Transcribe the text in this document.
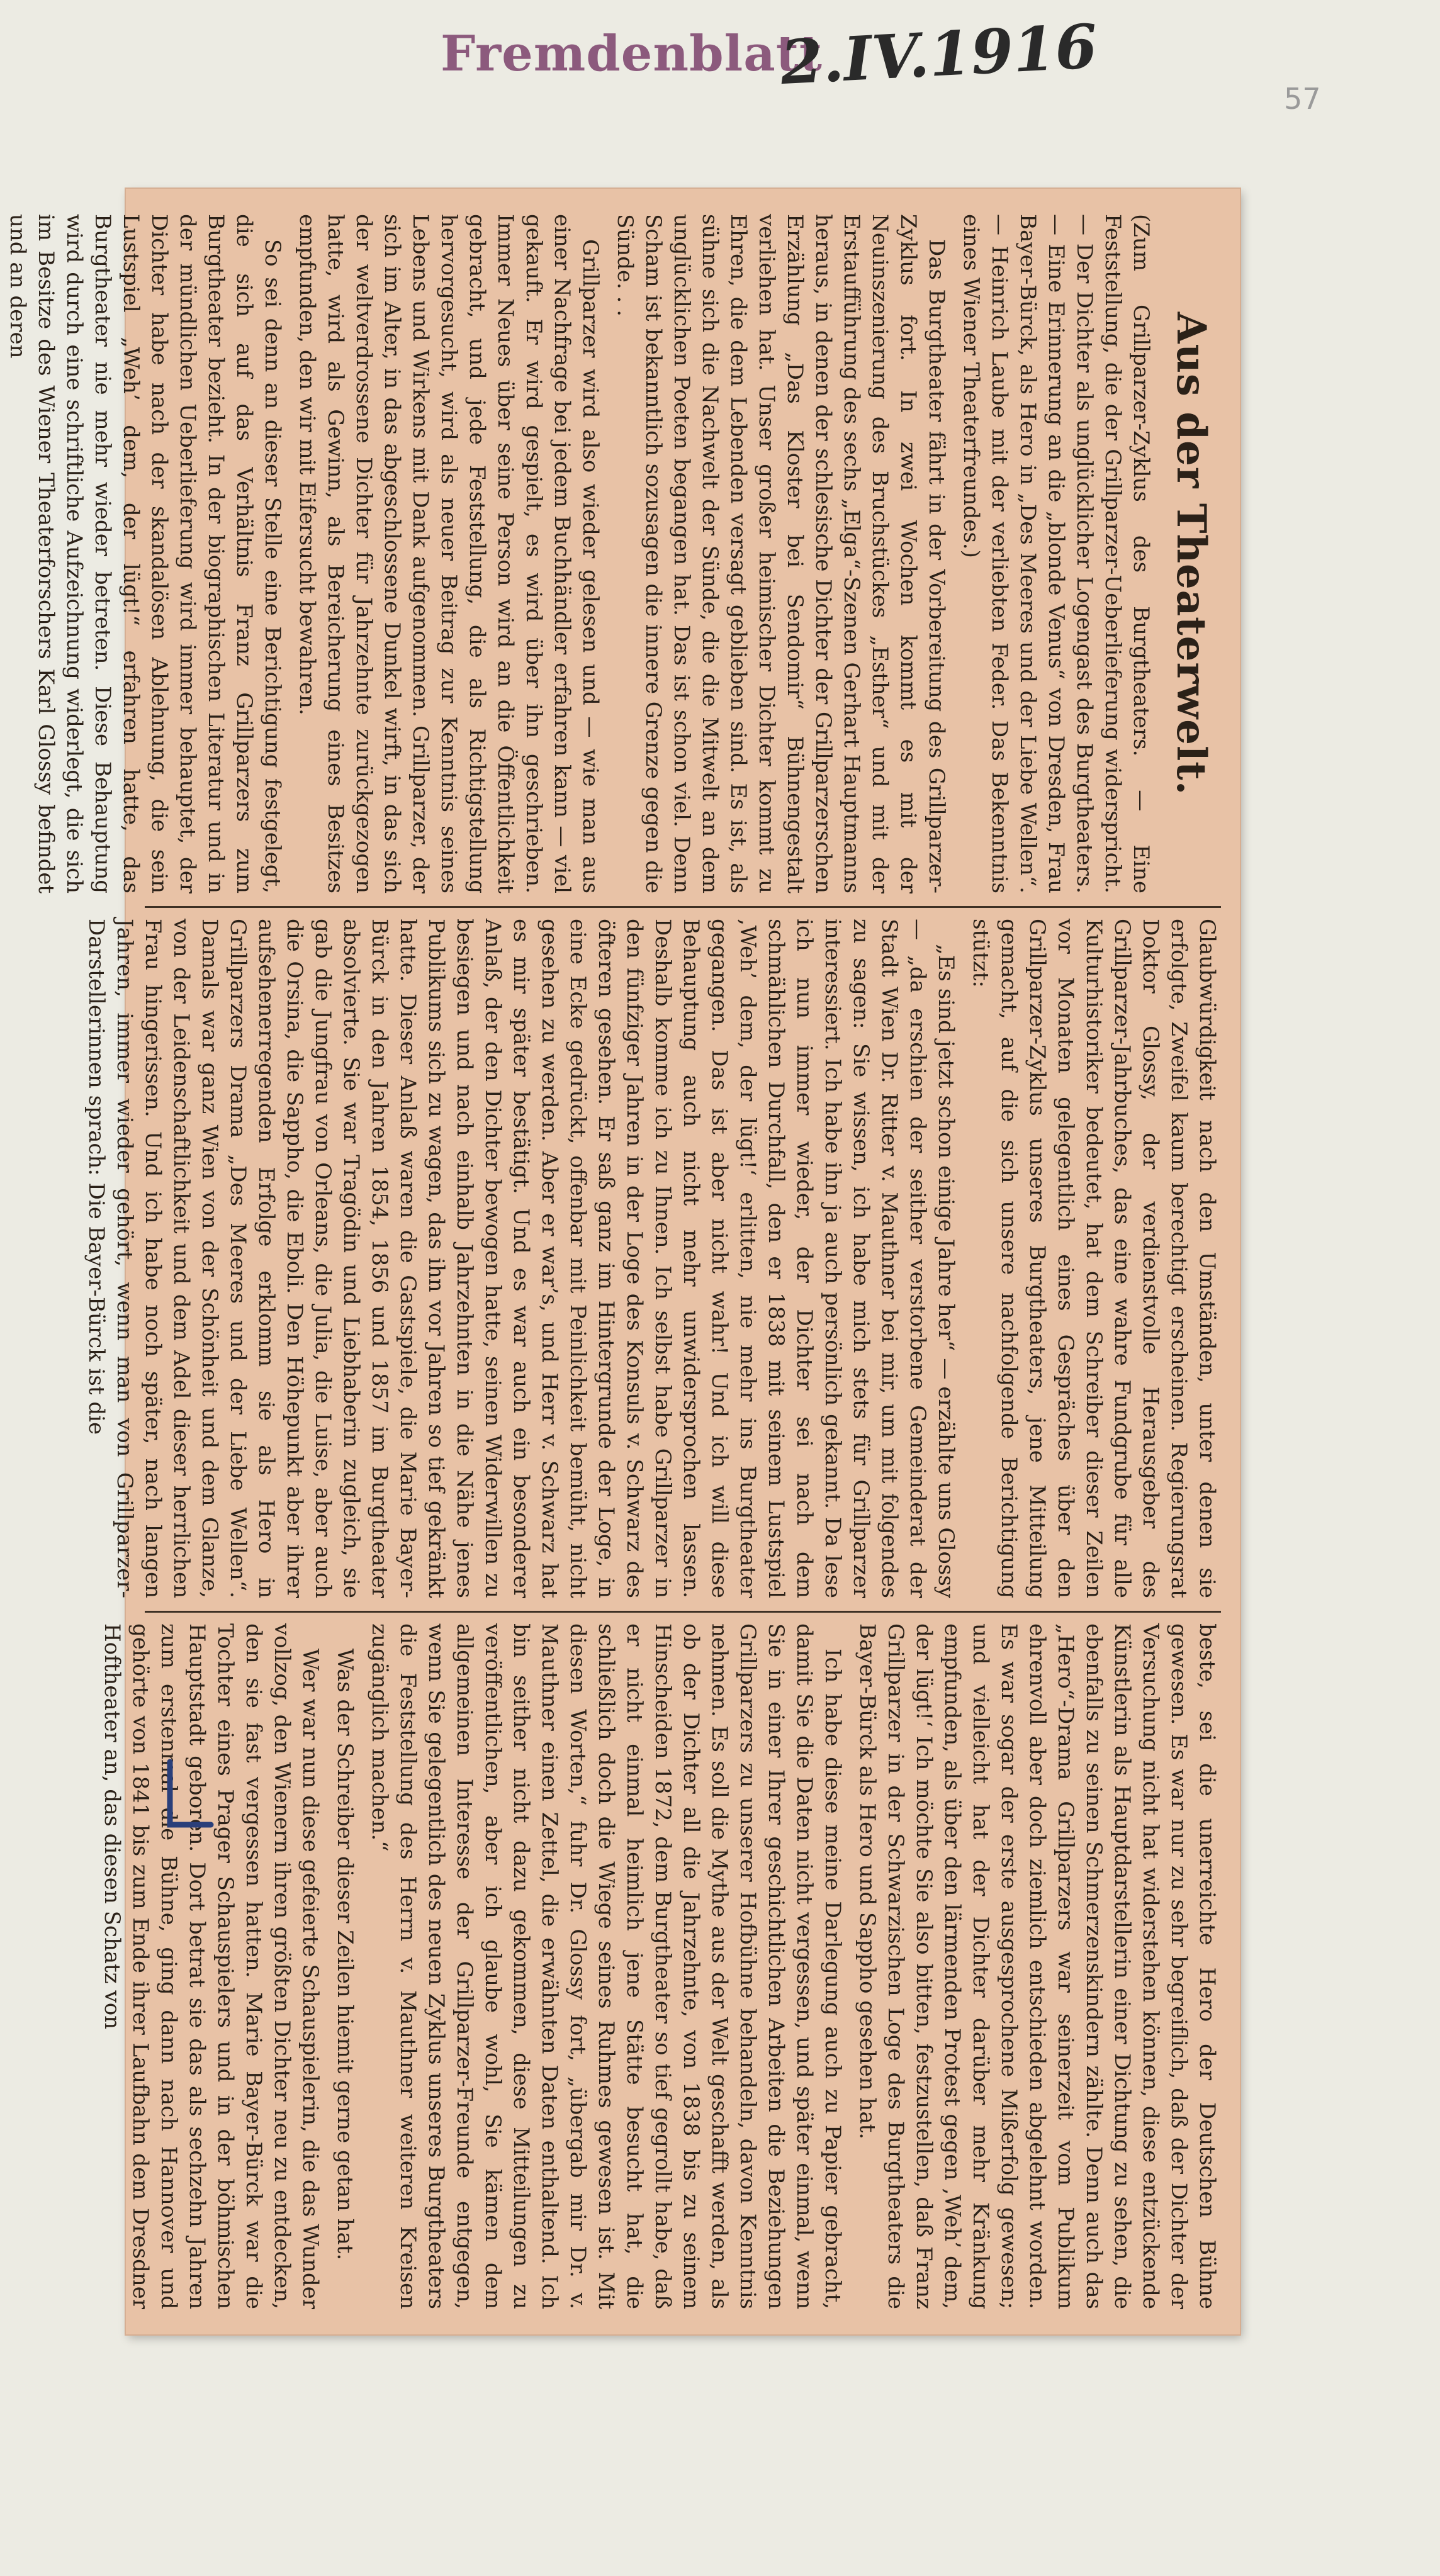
Fremdenblatt
2.IV.1916
57
Aus der Theaterwelt.

(Zum Grillparzer-Zyklus des Burgtheaters. — Eine Feststellung, die der Grillparzer-Ueberlieferung widerspricht. — Der Dichter als unglücklicher Logengast des Burgtheaters. — Eine Erinnerung an die „blonde Venus“ von Dresden, Frau Bayer-Bürck, als Hero in „Des Meeres und der Liebe Wellen“. — Heinrich Laube mit der verliebten Feder. Das Bekenntnis eines Wiener Theaterfreundes.)

Das Burgtheater fährt in der Vorbereitung des Grillparzer-Zyklus fort. In zwei Wochen kommt es mit der Neuinszenierung des Bruchstückes „Esther“ und mit der Erstaufführung des sechs „Elga“-Szenen Gerhart Hauptmanns heraus, in denen der schlesische Dichter der Grillparzerschen Erzählung „Das Kloster bei Sendomir“ Bühnengestalt verliehen hat. Unser großer heimischer Dichter kommt zu Ehren, die dem Lebenden versagt geblieben sind. Es ist, als sühne sich die Nachwelt der Sünde, die die Mitwelt an dem unglücklichen Poeten begangen hat. Das ist schon viel. Denn Scham ist bekanntlich sozusagen die innere Grenze gegen die Sünde. . .

Grillparzer wird also wieder gelesen und — wie man aus einer Nachfrage bei jedem Buchhändler erfahren kann — viel gekauft. Er wird gespielt, es wird über ihn geschrieben. Immer Neues über seine Person wird an die Öffentlichkeit gebracht, und jede Feststellung, die als Richtigstellung hervorgesucht, wird als neuer Beitrag zur Kenntnis seines Lebens und Wirkens mit Dank aufgenommen. Grillparzer, der sich im Alter, in das abgeschlossene Dunkel wirft, in das sich der weltverdrossene Dichter für Jahrzehnte zurückgezogen hatte, wird als Gewinn, als Bereicherung eines Besitzes empfunden, den wir mit Eifersucht bewahren.

So sei denn an dieser Stelle eine Berichtigung festgelegt, die sich auf das Verhältnis Franz Grillparzers zum Burgtheater bezieht. In der biographischen Literatur und in der mündlichen Ueberlieferung wird immer behauptet, der Dichter habe nach der skandalösen Ablehnung, die sein Lustspiel „Weh’ dem, der lügt!“ erfahren hatte, das Burgtheater nie mehr wieder betreten. Diese Behauptung wird durch eine schriftliche Aufzeichnung widerlegt, die sich im Besitze des Wiener Theaterforschers Karl Glossy befindet und an deren

Glaubwürdigkeit nach den Umständen, unter denen sie erfolgte, Zweifel kaum berechtigt erscheinen. Regierungsrat Doktor Glossy, der verdienstvolle Herausgeber des Grillparzer-Jahrbuches, das eine wahre Fundgrube für alle Kulturhistoriker bedeutet, hat dem Schreiber dieser Zeilen vor Monaten gelegentlich eines Gespräches über den Grillparzer-Zyklus unseres Burgtheaters, jene Mitteilung gemacht, auf die sich unsere nachfolgende Berichtigung stützt:

„Es sind jetzt schon einige Jahre her“ — erzählte uns Glossy — „da erschien der seither verstorbene Gemeinderat der Stadt Wien Dr. Ritter v. Mauthner bei mir, um mit folgendes zu sagen: Sie wissen, ich habe mich stets für Grillparzer interessiert. Ich habe ihn ja auch persönlich gekannt. Da lese ich nun immer wieder, der Dichter sei nach dem schmählichen Durchfall, den er 1838 mit seinem Lustspiel ‚Weh’ dem, der lügt!‘ erlitten, nie mehr ins Burgtheater gegangen. Das ist aber nicht wahr! Und ich will diese Behauptung auch nicht mehr unwidersprochen lassen. Deshalb komme ich zu Ihnen. Ich selbst habe Grillparzer in den fünfziger Jahren in der Loge des Konsuls v. Schwarz des öfteren gesehen. Er saß ganz im Hintergrunde der Loge, in eine Ecke gedrückt, offenbar mit Peinlichkeit bemüht, nicht gesehen zu werden. Aber er war’s, und Herr v. Schwarz hat es mir später bestätigt. Und es war auch ein besonderer Anlaß, der den Dichter bewogen hatte, seinen Widerwillen zu besiegen und nach einhalb Jahrzehnten in die Nähe jenes Publikums sich zu wagen, das ihn vor Jahren so tief gekränkt hatte. Dieser Anlaß waren die Gastspiele, die Marie Bayer-Bürck in den Jahren 1854, 1856 und 1857 im Burgtheater absolvierte. Sie war Tragödin und Liebhaberin zugleich, sie gab die Jungfrau von Orleans, die Julia, die Luise, aber auch die Orsina, die Sappho, die Eboli. Den Höhepunkt aber ihrer aufsehenerregenden Erfolge erklomm sie als Hero in Grillparzers Drama „Des Meeres und der Liebe Wellen“. Damals war ganz Wien von der Schönheit und dem Glanze, von der Leidenschaftlichkeit und dem Adel dieser herrlichen Frau hingerissen. Und ich habe noch später, nach langen Jahren, immer wieder gehört, wenn man von Grillparzer-Darstellerinnen sprach: Die Bayer-Bürck ist die

beste, sei die unerreichte Hero der Deutschen Bühne gewesen. Es war nur zu sehr begreiflich, daß der Dichter der Versuchung nicht hat widerstehen können, diese entzückende Künstlerin als Hauptdarstellerin einer Dichtung zu sehen, die ebenfalls zu seinen Schmerzenskindern zählte. Denn auch das „Hero“-Drama Grillparzers war seinerzeit vom Publikum ehrenvoll aber doch ziemlich entschieden abgelehnt worden. Es war sogar der erste ausgesprochene Mißerfolg gewesen; und vielleicht hat der Dichter darüber mehr Kränkung empfunden, als über den lärmenden Protest gegen ‚Weh’ dem, der lügt!‘ Ich möchte Sie also bitten, festzustellen, daß Franz Grillparzer in der Schwarzischen Loge des Burgtheaters die Bayer-Bürck als Hero und Sappho gesehen hat.

Ich habe diese meine Darlegung auch zu Papier gebracht, damit Sie die Daten nicht vergessen, und später einmal, wenn Sie in einer Ihrer geschichtlichen Arbeiten die Beziehungen Grillparzers zu unserer Hofbühne behandeln, davon Kenntnis nehmen. Es soll die Mythe aus der Welt geschafft werden, als ob der Dichter all die Jahrzehnte, von 1838 bis zu seinem Hinscheiden 1872, dem Burgtheater so tief gegrollt habe, daß er nicht einmal heimlich jene Stätte besucht hat, die schließlich doch die Wiege seines Ruhmes gewesen ist. Mit diesen Worten,“ fuhr Dr. Glossy fort, „übergab mir Dr. v. Mauthner einen Zettel, die erwähnten Daten enthaltend. Ich bin seither nicht dazu gekommen, diese Mitteilungen zu veröffentlichen, aber ich glaube wohl, Sie kämen dem allgemeinen Interesse der Grillparzer-Freunde entgegen, wenn Sie gelegentlich des neuen Zyklus unseres Burgtheaters die Feststellung des Herrn v. Mauthner weiteren Kreisen zugänglich machen.“

Was der Schreiber dieser Zeilen hiemit gerne getan hat.

Wer war nun diese gefeierte Schauspielerin, die das Wunder vollzog, den Wienern ihren größten Dichter neu zu entdecken, den sie fast vergessen hatten. Marie Bayer-Bürck war die Tochter eines Prager Schauspielers und in der böhmischen Hauptstadt geboren. Dort betrat sie das als sechzehn Jahren zum erstenmal die Bühne, ging dann nach Hannover und gehörte von 1841 bis zum Ende ihrer Laufbahn dem Dresdner Hoftheater an, das diesen Schatz von
